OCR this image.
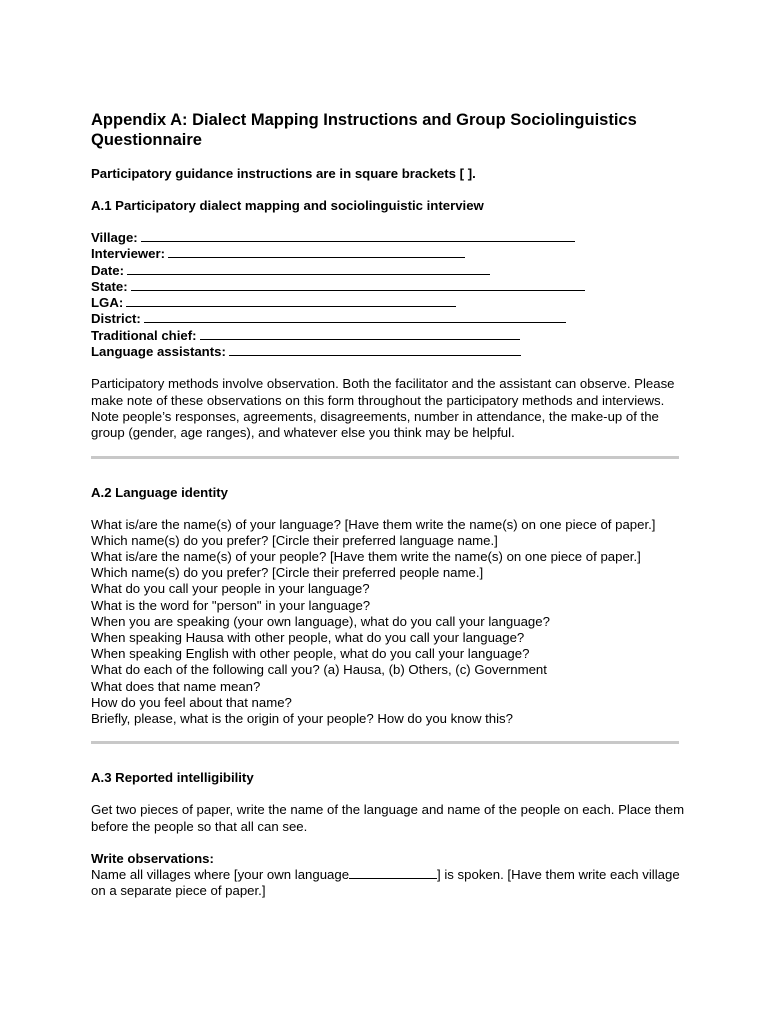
Appendix A: Dialect Mapping Instructions and Group Sociolinguistics Questionnaire
Participatory guidance instructions are in square brackets [ ].
A.1 Participatory dialect mapping and sociolinguistic interview
Village:
Interviewer:
Date:
State:
LGA:
District:
Traditional chief:
Language assistants:
Participatory methods involve observation. Both the facilitator and the assistant can observe. Please make note of these observations on this form throughout the participatory methods and interviews. Note people’s responses, agreements, disagreements, number in attendance, the make-up of the group (gender, age ranges), and whatever else you think may be helpful.
A.2 Language identity
What is/are the name(s) of your language? [Have them write the name(s) on one piece of paper.]
Which name(s) do you prefer? [Circle their preferred language name.]
What is/are the name(s) of your people? [Have them write the name(s) on one piece of paper.]
Which name(s) do you prefer? [Circle their preferred people name.]
What do you call your people in your language?
What is the word for "person" in your language?
When you are speaking (your own language), what do you call your language?
When speaking Hausa with other people, what do you call your language?
When speaking English with other people, what do you call your language?
What do each of the following call you? (a) Hausa, (b) Others, (c) Government
What does that name mean?
How do you feel about that name?
Briefly, please, what is the origin of your people? How do you know this?
A.3 Reported intelligibility
Get two pieces of paper, write the name of the language and name of the people on each. Place them before the people so that all can see.
Write observations:
Name all villages where [your own language	] is spoken. [Have them write each village on a separate piece of paper.]
